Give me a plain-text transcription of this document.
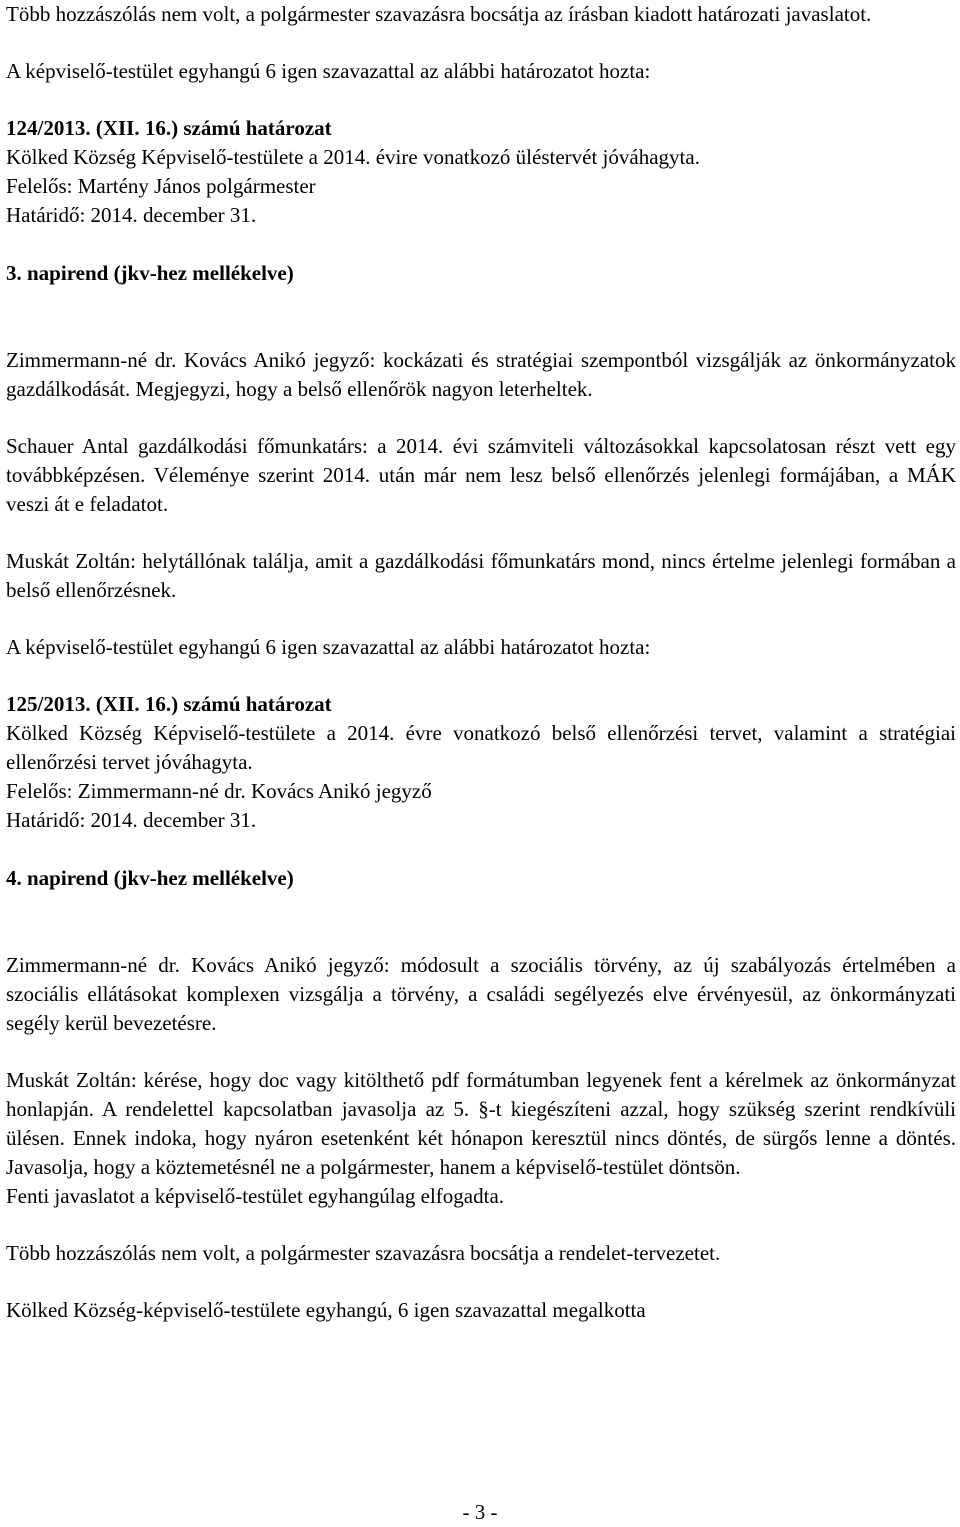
Több hozzászólás nem volt, a polgármester szavazásra bocsátja az írásban kiadott határozati javaslatot.

A képviselő-testület egyhangú 6 igen szavazattal az alábbi határozatot hozta:

124/2013. (XII. 16.) számú határozat

Kölked Község Képviselő-testülete a 2014. évire vonatkozó üléstervét jóváhagyta.

Felelős: Martény János polgármester

Határidő: 2014. december 31.

3. napirend (jkv-hez mellékelve)

Zimmermann-né dr. Kovács Anikó jegyző: kockázati és stratégiai szempontból vizsgálják az önkormányzatok gazdálkodását. Megjegyzi, hogy a belső ellenőrök nagyon leterheltek.

Schauer Antal gazdálkodási főmunkatárs: a 2014. évi számviteli változásokkal kapcsolatosan részt vett egy továbbképzésen. Véleménye szerint 2014. után már nem lesz belső ellenőrzés jelenlegi formájában, a MÁK veszi át e feladatot.

Muskát Zoltán: helytállónak találja, amit a gazdálkodási főmunkatárs mond, nincs értelme jelenlegi formában a belső ellenőrzésnek.

A képviselő-testület egyhangú 6 igen szavazattal az alábbi határozatot hozta:

125/2013. (XII. 16.) számú határozat

Kölked Község Képviselő-testülete a 2014. évre vonatkozó belső ellenőrzési tervet, valamint a stratégiai ellenőrzési tervet jóváhagyta.

Felelős: Zimmermann-né dr. Kovács Anikó jegyző

Határidő: 2014. december 31.

4. napirend (jkv-hez mellékelve)

Zimmermann-né dr. Kovács Anikó jegyző: módosult a szociális törvény, az új szabályozás értelmében a szociális ellátásokat komplexen vizsgálja a törvény, a családi segélyezés elve érvényesül, az önkormányzati segély kerül bevezetésre.

Muskát Zoltán: kérése, hogy doc vagy kitölthető pdf formátumban legyenek fent a kérelmek az önkormányzat honlapján. A rendelettel kapcsolatban javasolja az 5. §-t kiegészíteni azzal, hogy szükség szerint rendkívüli ülésen. Ennek indoka, hogy nyáron esetenként két hónapon keresztül nincs döntés, de sürgős lenne a döntés. Javasolja, hogy a köztemetésnél ne a polgármester, hanem a képviselő-testület döntsön.

Fenti javaslatot a képviselő-testület egyhangúlag elfogadta.

Több hozzászólás nem volt, a polgármester szavazásra bocsátja a rendelet-tervezetet.

Kölked Község-képviselő-testülete egyhangú, 6 igen szavazattal megalkotta

- 3 -
